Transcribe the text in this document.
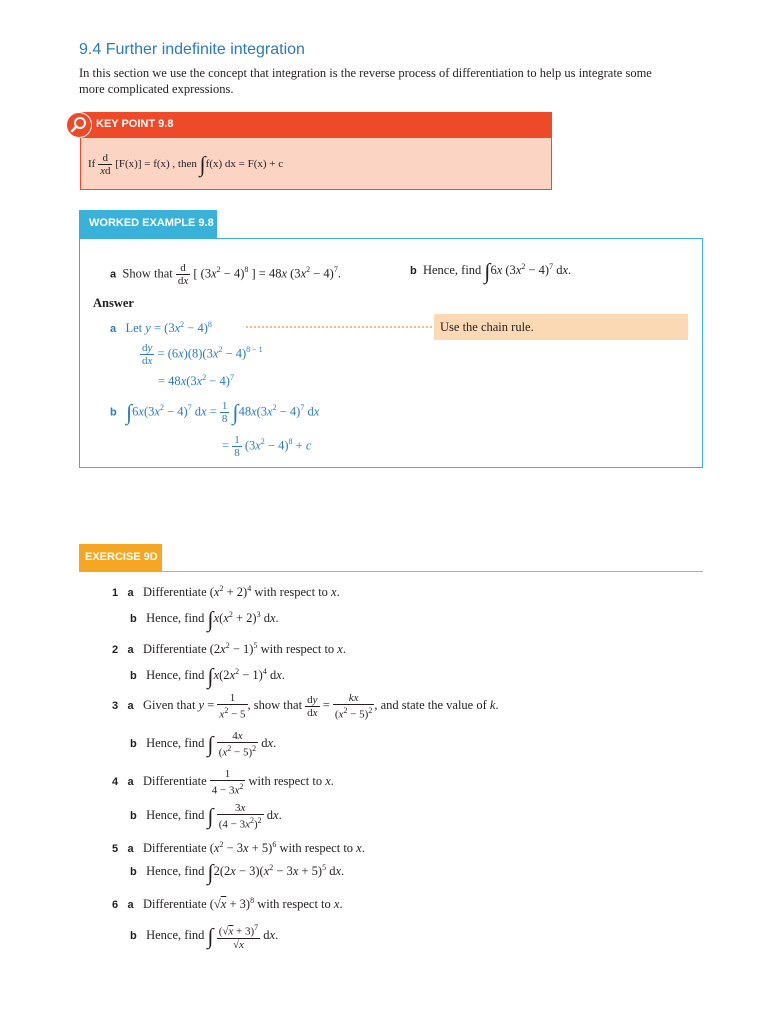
9.4 Further indefinite integration
In this section we use the concept that integration is the reverse process of differentiation to help us integrate some more complicated expressions.
KEY POINT 9.8
If $\frac{d}{xd} [F(x)] = f(x)$ , then ∫f(x) dx = F(x) + c
WORKED EXAMPLE 9.8
a Show that $\frac{d}{dx}$ [ $(3x^2 - 4)^8$ ] = 48x $(3x^2 - 4)^7$.	b Hence, find ∫6x $(3x^2 - 4)^7$ dx.
Answer
a   Let $y = (3x^2 - 4)^8$	Use the chain rule.
$\frac{dy}{dx} = (6x)(8)(3x^2 - 4)^{8 - 1}$
= $48x(3x^2 - 4)^7$
b $\int 6x(3x^2 - 4)^7$ dx = $\frac{1}{8} \int 48x(3x^2 - 4)^7$ dx
= $\frac{1}{8} (3x^2 - 4)^8 + c$
EXERCISE 9D
1 a Differentiate $(x^2 + 2)^4$ with respect to x.
b Hence, find $\int x(x^2 + 2)^3$ dx.
2 a Differentiate $(2x^2 - 1)^5$ with respect to x.
b Hence, find $\int x(2x^2 - 1)^4$ dx.
3 a Given that $y = \frac{1}{x^2 - 5}$ , show that $\frac{dy}{dx} = \frac{kx}{(x^2 - 5)^2}$ , and state the value of k.
b Hence, find ∫ $\frac{4x}{(x^2 - 5)^2}$ dx.
4 a Differentiate $\frac{1}{4 - 3x^2}$ with respect to x.
b Hence, find ∫ $\frac{3x}{(4 - 3x^2)^2}$ dx.
5 a Differentiate $(x^2 - 3x + 5)^6$ with respect to x.
b Hence, find $\int 2(2x - 3)(x^2 - 3x + 5)^5$ dx.
6 a Differentiate $(√x + 3)^8$ with respect to x.
b Hence, find ∫ $\frac{(√x + 3)^7}{√x}$ dx.
